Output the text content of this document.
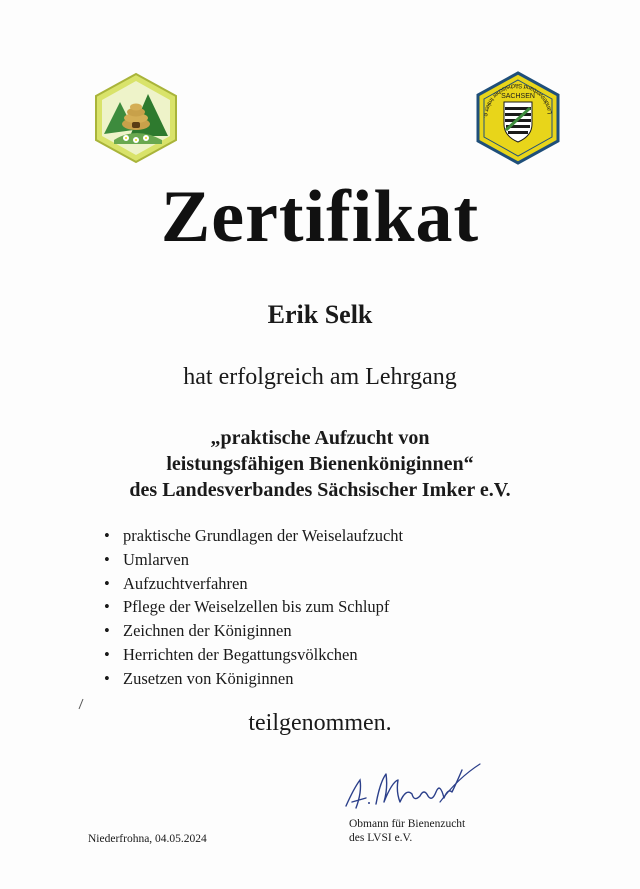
SACHSEN
Landesverband Sächsischer Imker e.
Zertifikat
Erik Selk
hat erfolgreich am Lehrgang
„praktische Aufzucht von
leistungsfähigen Bienenköniginnen“
des Landesverbandes Sächsischer Imker e.V.
• praktische Grundlagen der Weiselaufzucht
• Umlarven
• Aufzuchtverfahren
• Pflege der Weiselzellen bis zum Schlupf
• Zeichnen der Königinnen
• Herrichten der Begattungsvölkchen
• Zusetzen von Königinnen
teilgenommen.
Niederfrohna, 04.05.2024
Obmann für Bienenzucht
des LVSI e.V.
